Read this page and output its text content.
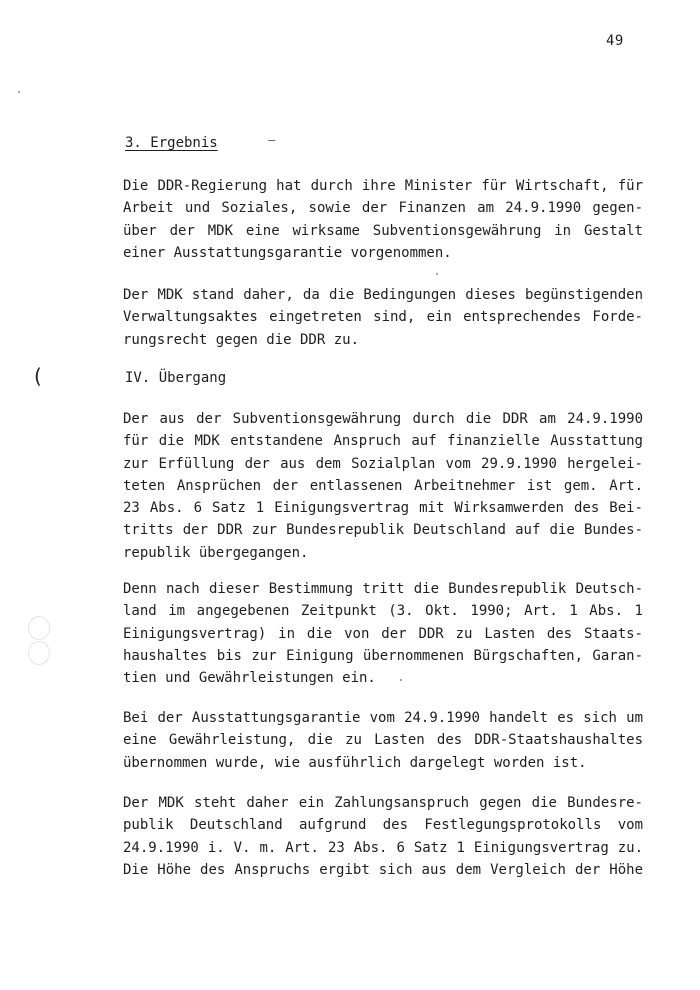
49
3. Ergebnis	–
Die DDR-Regierung hat durch ihre Minister für Wirtschaft, für
Arbeit und Soziales, sowie der Finanzen am 24.9.1990 gegen-
über der MDK eine wirksame Subventionsgewährung in Gestalt
einer Ausstattungsgarantie vorgenommen.
Der MDK stand daher, da die Bedingungen dieses begünstigenden
Verwaltungsaktes eingetreten sind, ein entsprechendes Forde-
rungsrecht gegen die DDR zu.
(	IV. Übergang
Der aus der Subventionsgewährung durch die DDR am 24.9.1990
für die MDK entstandene Anspruch auf finanzielle Ausstattung
zur Erfüllung der aus dem Sozialplan vom 29.9.1990 hergelei-
teten Ansprüchen der entlassenen Arbeitnehmer ist gem. Art.
23 Abs. 6 Satz 1 Einigungsvertrag mit Wirksamwerden des Bei-
tritts der DDR zur Bundesrepublik Deutschland auf die Bundes-
republik übergegangen.
Denn nach dieser Bestimmung tritt die Bundesrepublik Deutsch-
land im angegebenen Zeitpunkt (3. Okt. 1990; Art. 1 Abs. 1
Einigungsvertrag) in die von der DDR zu Lasten des Staats-
haushaltes bis zur Einigung übernommenen Bürgschaften, Garan-
tien und Gewährleistungen ein.
Bei der Ausstattungsgarantie vom 24.9.1990 handelt es sich um
eine Gewährleistung, die zu Lasten des DDR-Staatshaushaltes
übernommen wurde, wie ausführlich dargelegt worden ist.
Der MDK steht daher ein Zahlungsanspruch gegen die Bundesre-
publik Deutschland aufgrund des Festlegungsprotokolls vom
24.9.1990 i. V. m. Art. 23 Abs. 6 Satz 1 Einigungsvertrag zu.
Die Höhe des Anspruchs ergibt sich aus dem Vergleich der Höhe
